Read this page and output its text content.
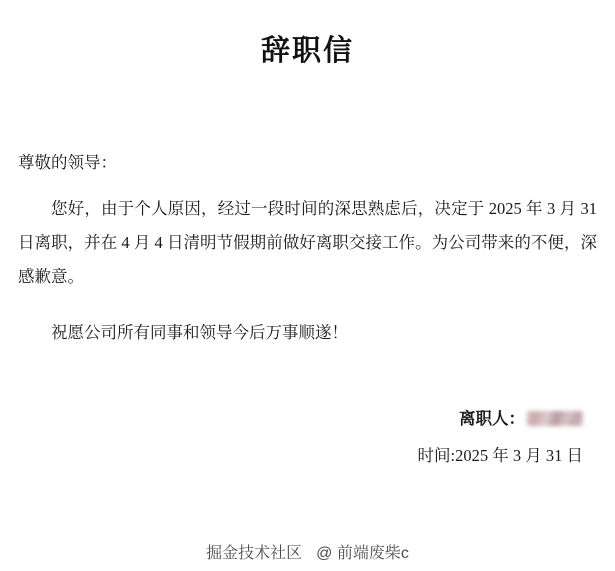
辞职信

尊敬的领导：

您好，由于个人原因，经过一段时间的深思熟虑后，决定于 2025 年 3 月 31 日离职，并在 4 月 4 日清明节假期前做好离职交接工作。为公司带来的不便，深感歉意。

祝愿公司所有同事和领导今后万事顺遂！

离职人：
时间:2025 年 3 月 31 日
掘金技术社区 @ 前端废柴c
